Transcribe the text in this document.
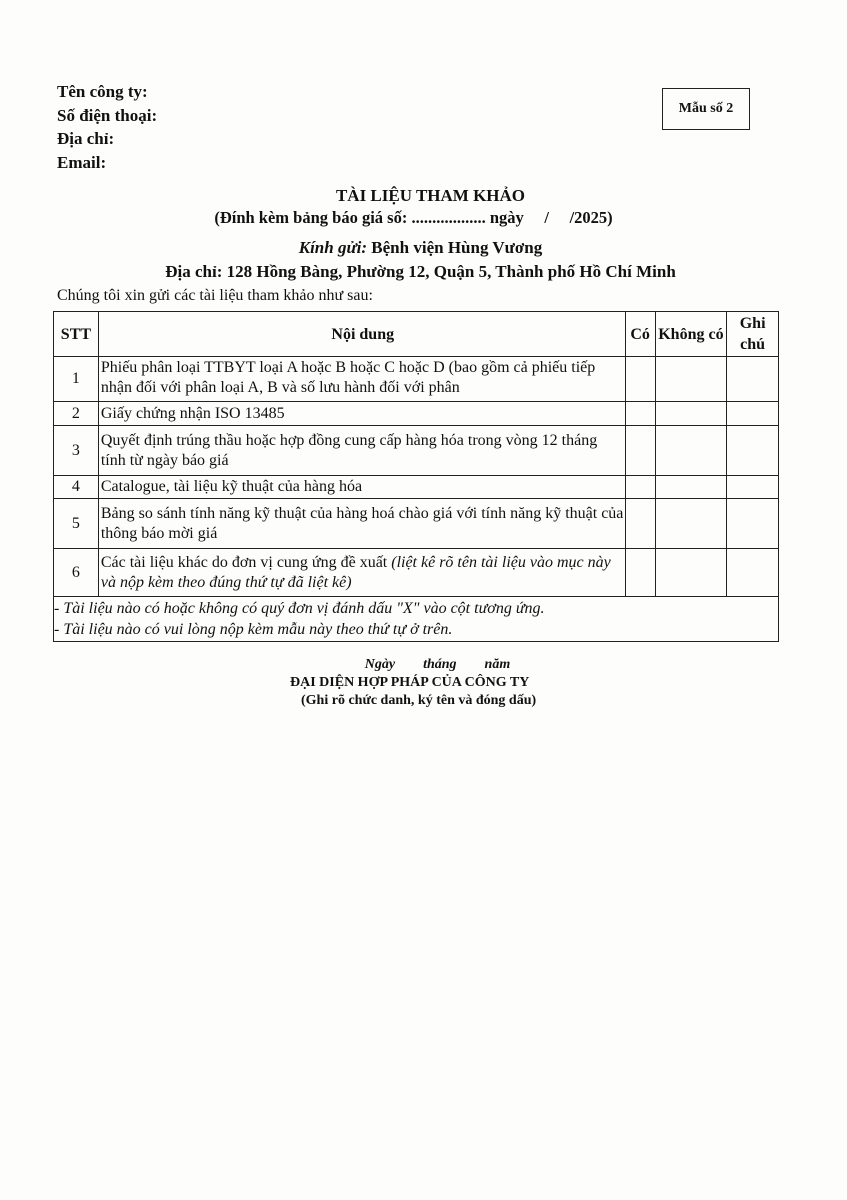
Tên công ty:
Số điện thoại:
Địa chỉ:
Email:
Mẫu số 2
TÀI LIỆU THAM KHẢO
(Đính kèm bảng báo giá số: .................. ngày     /     /2025)
Kính gửi: Bệnh viện Hùng Vương
Địa chỉ: 128 Hồng Bàng, Phường 12, Quận 5, Thành phố Hồ Chí Minh
Chúng tôi xin gửi các tài liệu tham khảo như sau:
STT	Nội dung	Có	Không có	Ghi chú
1	Phiếu phân loại TTBYT loại A hoặc B hoặc C hoặc D (bao gồm cả phiếu tiếp nhận đối với phân loại A, B và số lưu hành đối với phân			

2	Giấy chứng nhận ISO 13485			
3	Quyết định trúng thầu hoặc hợp đồng cung cấp hàng hóa trong vòng 12 tháng tính từ ngày báo giá			
4	Catalogue, tài liệu kỹ thuật của hàng hóa			
5	Bảng so sánh tính năng kỹ thuật của hàng hoá chào giá với tính năng kỹ thuật của thông báo mời giá			
6	Các tài liệu khác do đơn vị cung ứng đề xuất (liệt kê rõ tên tài liệu vào mục này và nộp kèm theo đúng thứ tự đã liệt kê)			

- Tài liệu nào có hoặc không có quý đơn vị đánh dấu "X" vào cột tương ứng.
- Tài liệu nào có vui lòng nộp kèm mẫu này theo thứ tự ở trên.				
Ngày tháng năm
ĐẠI DIỆN HỢP PHÁP CỦA CÔNG TY
(Ghi rõ chức danh, ký tên và đóng dấu)
